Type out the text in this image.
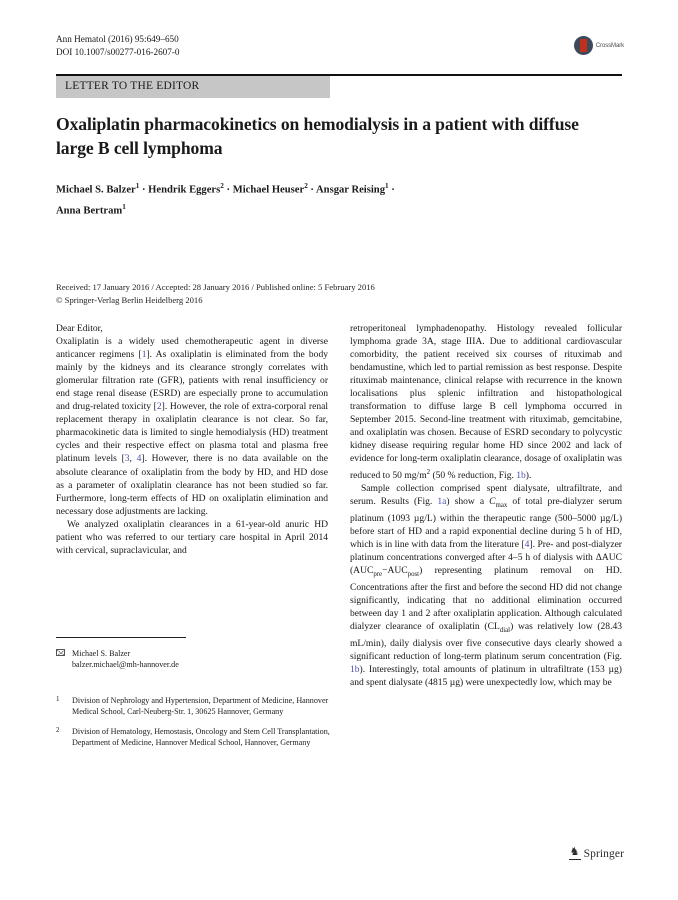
Ann Hematol (2016) 95:649–650
DOI 10.1007/s00277-016-2607-0
CrossMark
LETTER TO THE EDITOR
Oxaliplatin pharmacokinetics on hemodialysis in a patient with diffuse large B cell lymphoma
Michael S. Balzer$^1$ · Hendrik Eggers$^2$ · Michael Heuser$^2$ · Ansgar Reising$^1$ ·
Anna Bertram$^1$
Received: 17 January 2016 / Accepted: 28 January 2016 / Published online: 5 February 2016
© Springer-Verlag Berlin Heidelberg 2016

Dear Editor,

Oxaliplatin is a widely used chemotherapeutic agent in diverse anticancer regimens [1]. As oxaliplatin is eliminated from the body mainly by the kidneys and its clearance strongly correlates with glomerular filtration rate (GFR), patients with renal insufficiency or end stage renal disease (ESRD) are especially prone to accumulation and drug-related toxicity [2]. However, the role of extra-corporal renal replacement therapy in oxaliplatin clearance is not clear. So far, pharmacokinetic data is limited to single hemodialysis (HD) treatment cycles and their respective effect on plasma total and plasma free platinum levels [3, 4]. However, there is no data available on the absolute clearance of oxaliplatin from the body by HD, and HD dose as a parameter of oxaliplatin clearance has not been studied so far. Furthermore, long-term effects of HD on oxaliplatin elimination and necessary dose adjustments are lacking.

We analyzed oxaliplatin clearances in a 61-year-old anuric HD patient who was referred to our tertiary care hospital in April 2014 with cervical, supraclavicular, and

retroperitoneal lymphadenopathy. Histology revealed follicular lymphoma grade 3A, stage IIIA. Due to additional cardiovascular comorbidity, the patient received six courses of rituximab and bendamustine, which led to partial remission as best response. Despite rituximab maintenance, clinical relapse with recurrence in the known localisations plus splenic infiltration and histopathological transformation to diffuse large B cell lymphoma occurred in September 2015. Second-line treatment with rituximab, gemcitabine, and oxaliplatin was chosen. Because of ESRD secondary to polycystic kidney disease requiring regular home HD since 2002 and lack of evidence for long-term oxaliplatin clearance, dosage of oxaliplatin was reduced to 50 $mg/m^2$ (50 % reduction, Fig. 1b).

Sample collection comprised spent dialysate, ultrafiltrate, and serum. Results (Fig. 1a) show a $C_{max}$ of total pre-dialyzer serum platinum (1093 µg/L) within the therapeutic range (500–5000 µg/L) before start of HD and a rapid exponential decline during 5 h of HD, which is in line with data from the literature [4]. Pre- and post-dialyzer platinum concentrations converged after 4–5 h of dialysis with ΔAUC $(AUC_{pre}-AUC_{post})$ representing platinum removal on HD. Concentrations after the first and before the second HD did not change significantly, indicating that no additional elimination occurred between day 1 and 2 after oxaliplatin application. Although calculated dialyzer clearance of oxaliplatin $(CL_{dial})$ was relatively low (28.43 mL/min), daily dialysis over five consecutive days clearly showed a significant reduction of long-term platinum serum concentration (Fig. 1b). Interestingly, total amounts of platinum in ultrafiltrate (153 µg) and spent dialysate (4815 µg) were unexpectedly low, which may be

Michael S. Balzer
balzer.michael@mh-hannover.de
1 Division of Nephrology and Hypertension, Department of Medicine, Hannover Medical School, Carl-Neuberg-Str. 1, 30625 Hannover, Germany
2 Division of Hematology, Hemostasis, Oncology and Stem Cell Transplantation, Department of Medicine, Hannover Medical School, Hannover, Germany
♞ Springer
